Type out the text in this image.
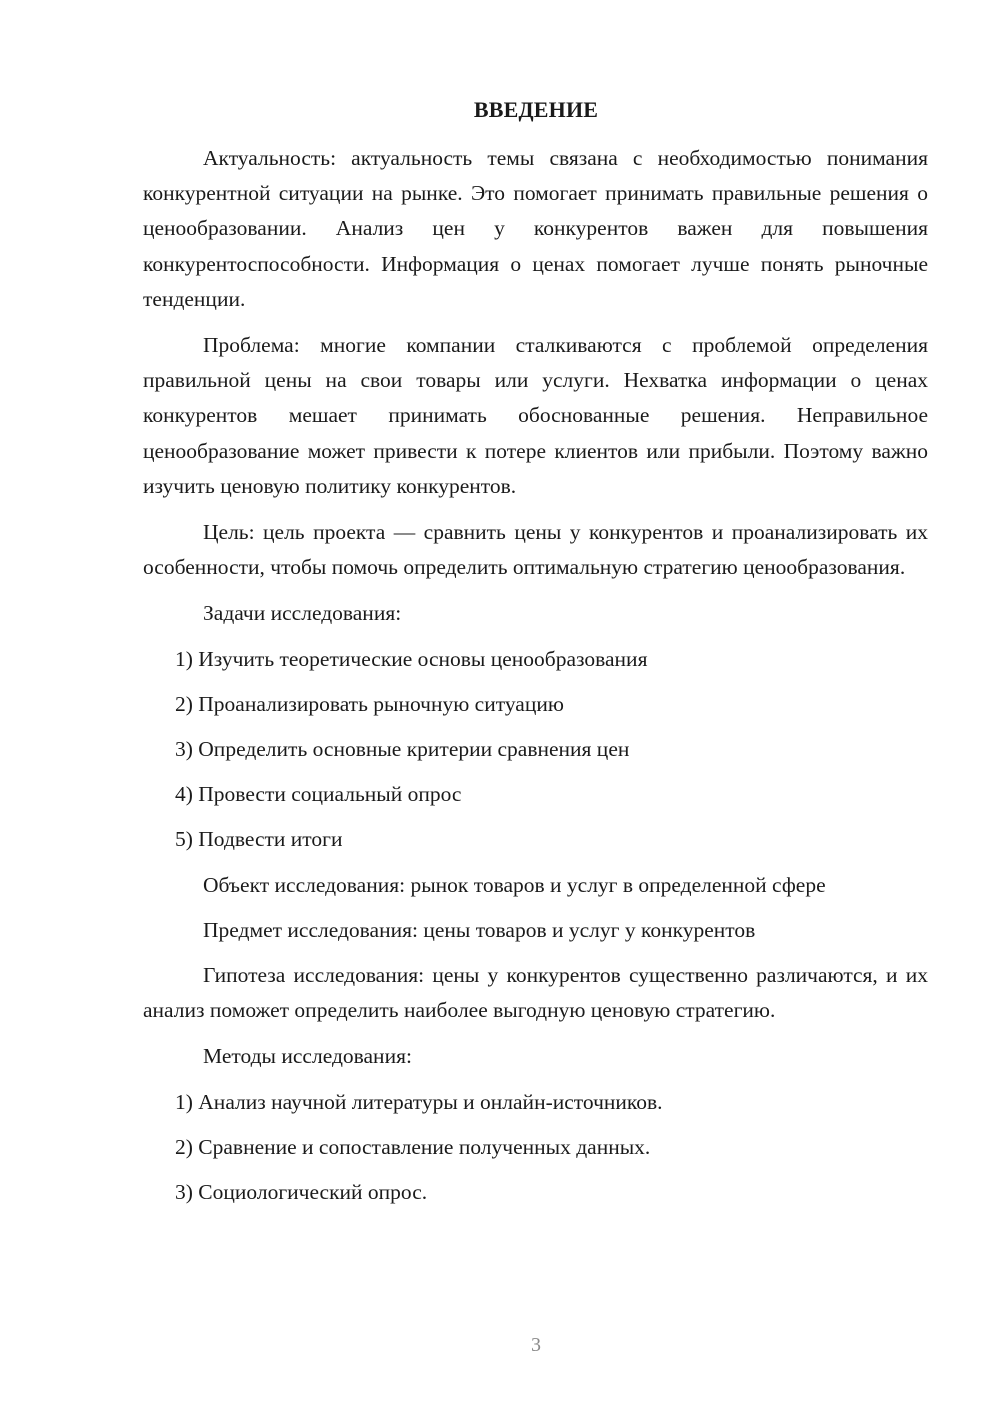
ВВЕДЕНИЕ

Актуальность: актуальность темы связана с необходимостью понимания конкурентной ситуации на рынке. Это помогает принимать правильные решения о ценообразовании. Анализ цен у конкурентов важен для повышения конкурентоспособности. Информация о ценах помогает лучше понять рыночные тенденции.

Проблема: многие компании сталкиваются с проблемой определения правильной цены на свои товары или услуги. Нехватка информации о ценах конкурентов мешает принимать обоснованные решения. Неправильное ценообразование может привести к потере клиентов или прибыли. Поэтому важно изучить ценовую политику конкурентов.

Цель: цель проекта — сравнить цены у конкурентов и проанализировать их особенности, чтобы помочь определить оптимальную стратегию ценообразования.

Задачи исследования:

1) Изучить теоретические основы ценообразования
2) Проанализировать рыночную ситуацию
3) Определить основные критерии сравнения цен
4) Провести социальный опрос
5) Подвести итоги

Объект исследования: рынок товаров и услуг в определенной сфере

Предмет исследования: цены товаров и услуг у конкурентов

Гипотеза исследования: цены у конкурентов существенно различаются, и их анализ поможет определить наиболее выгодную ценовую стратегию.

Методы исследования:

1) Анализ научной литературы и онлайн-источников.
2) Сравнение и сопоставление полученных данных.
3) Социологический опрос.
3
